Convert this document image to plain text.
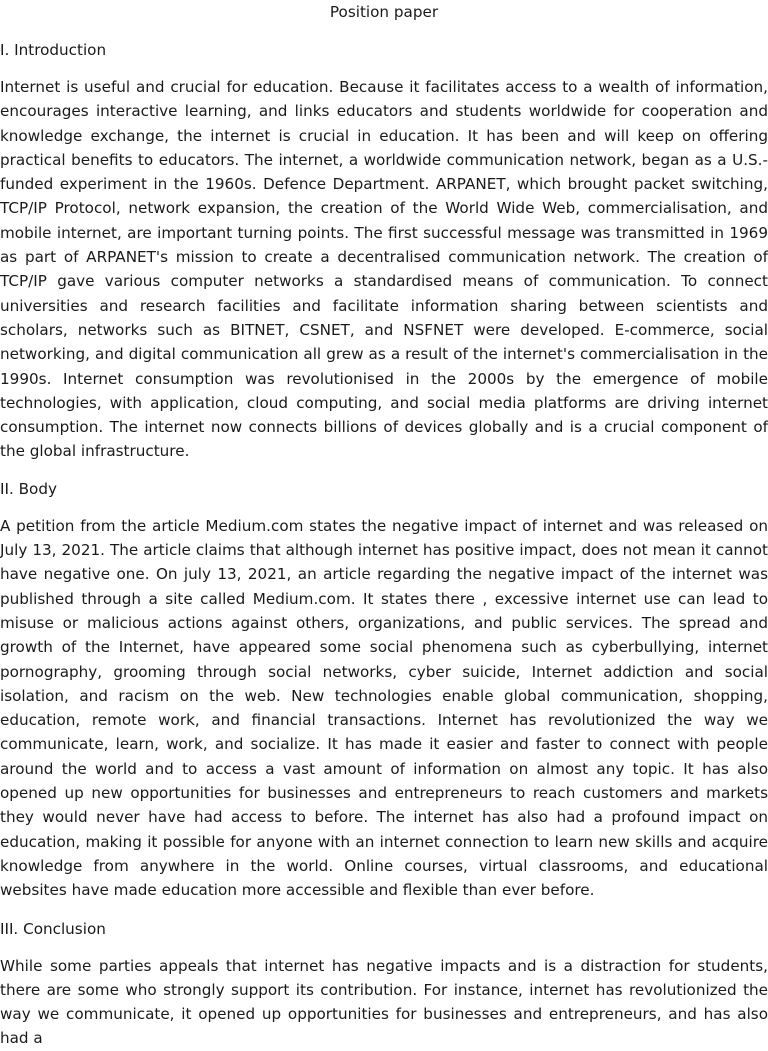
Position paper
I. Introduction

Internet is useful and crucial for education. Because it facilitates access to a wealth of information, encourages interactive learning, and links educators and students worldwide for cooperation and knowledge exchange, the internet is crucial in education. It has been and will keep on offering practical benefits to educators. The internet, a worldwide communication network, began as a U.S.-funded experiment in the 1960s. Defence Department. ARPANET, which brought packet switching, TCP/IP Protocol, network expansion, the creation of the World Wide Web, commercialisation, and mobile internet, are important turning points. The first successful message was transmitted in 1969 as part of ARPANET's mission to create a decentralised communication network. The creation of TCP/IP gave various computer networks a standardised means of communication. To connect universities and research facilities and facilitate information sharing between scientists and scholars, networks such as BITNET, CSNET, and NSFNET were developed. E-commerce, social networking, and digital communication all grew as a result of the internet's commercialisation in the 1990s. Internet consumption was revolutionised in the 2000s by the emergence of mobile technologies, with application, cloud computing, and social media platforms are driving internet consumption. The internet now connects billions of devices globally and is a crucial component of the global infrastructure.

II. Body

A petition from the article Medium.com states the negative impact of internet and was released on July 13, 2021. The article claims that although internet has positive impact, does not mean it cannot have negative one. On july 13, 2021, an article regarding the negative impact of the internet was published through a site called Medium.com. It states there , excessive internet use can lead to misuse or malicious actions against others, organizations, and public services. The spread and growth of the Internet, have appeared some social phenomena such as cyberbullying, internet pornography, grooming through social networks, cyber suicide, Internet addiction and social isolation, and racism on the web. New technologies enable global communication, shopping, education, remote work, and financial transactions. Internet has revolutionized the way we communicate, learn, work, and socialize. It has made it easier and faster to connect with people around the world and to access a vast amount of information on almost any topic. It has also opened up new opportunities for businesses and entrepreneurs to reach customers and markets they would never have had access to before. The internet has also had a profound impact on education, making it possible for anyone with an internet connection to learn new skills and acquire knowledge from anywhere in the world. Online courses, virtual classrooms, and educational websites have made education more accessible and flexible than ever before.

III. Conclusion

While some parties appeals that internet has negative impacts and is a distraction for students, there are some who strongly support its contribution. For instance, internet has revolutionized the way we communicate, it opened up opportunities for businesses and entrepreneurs, and has also had a
